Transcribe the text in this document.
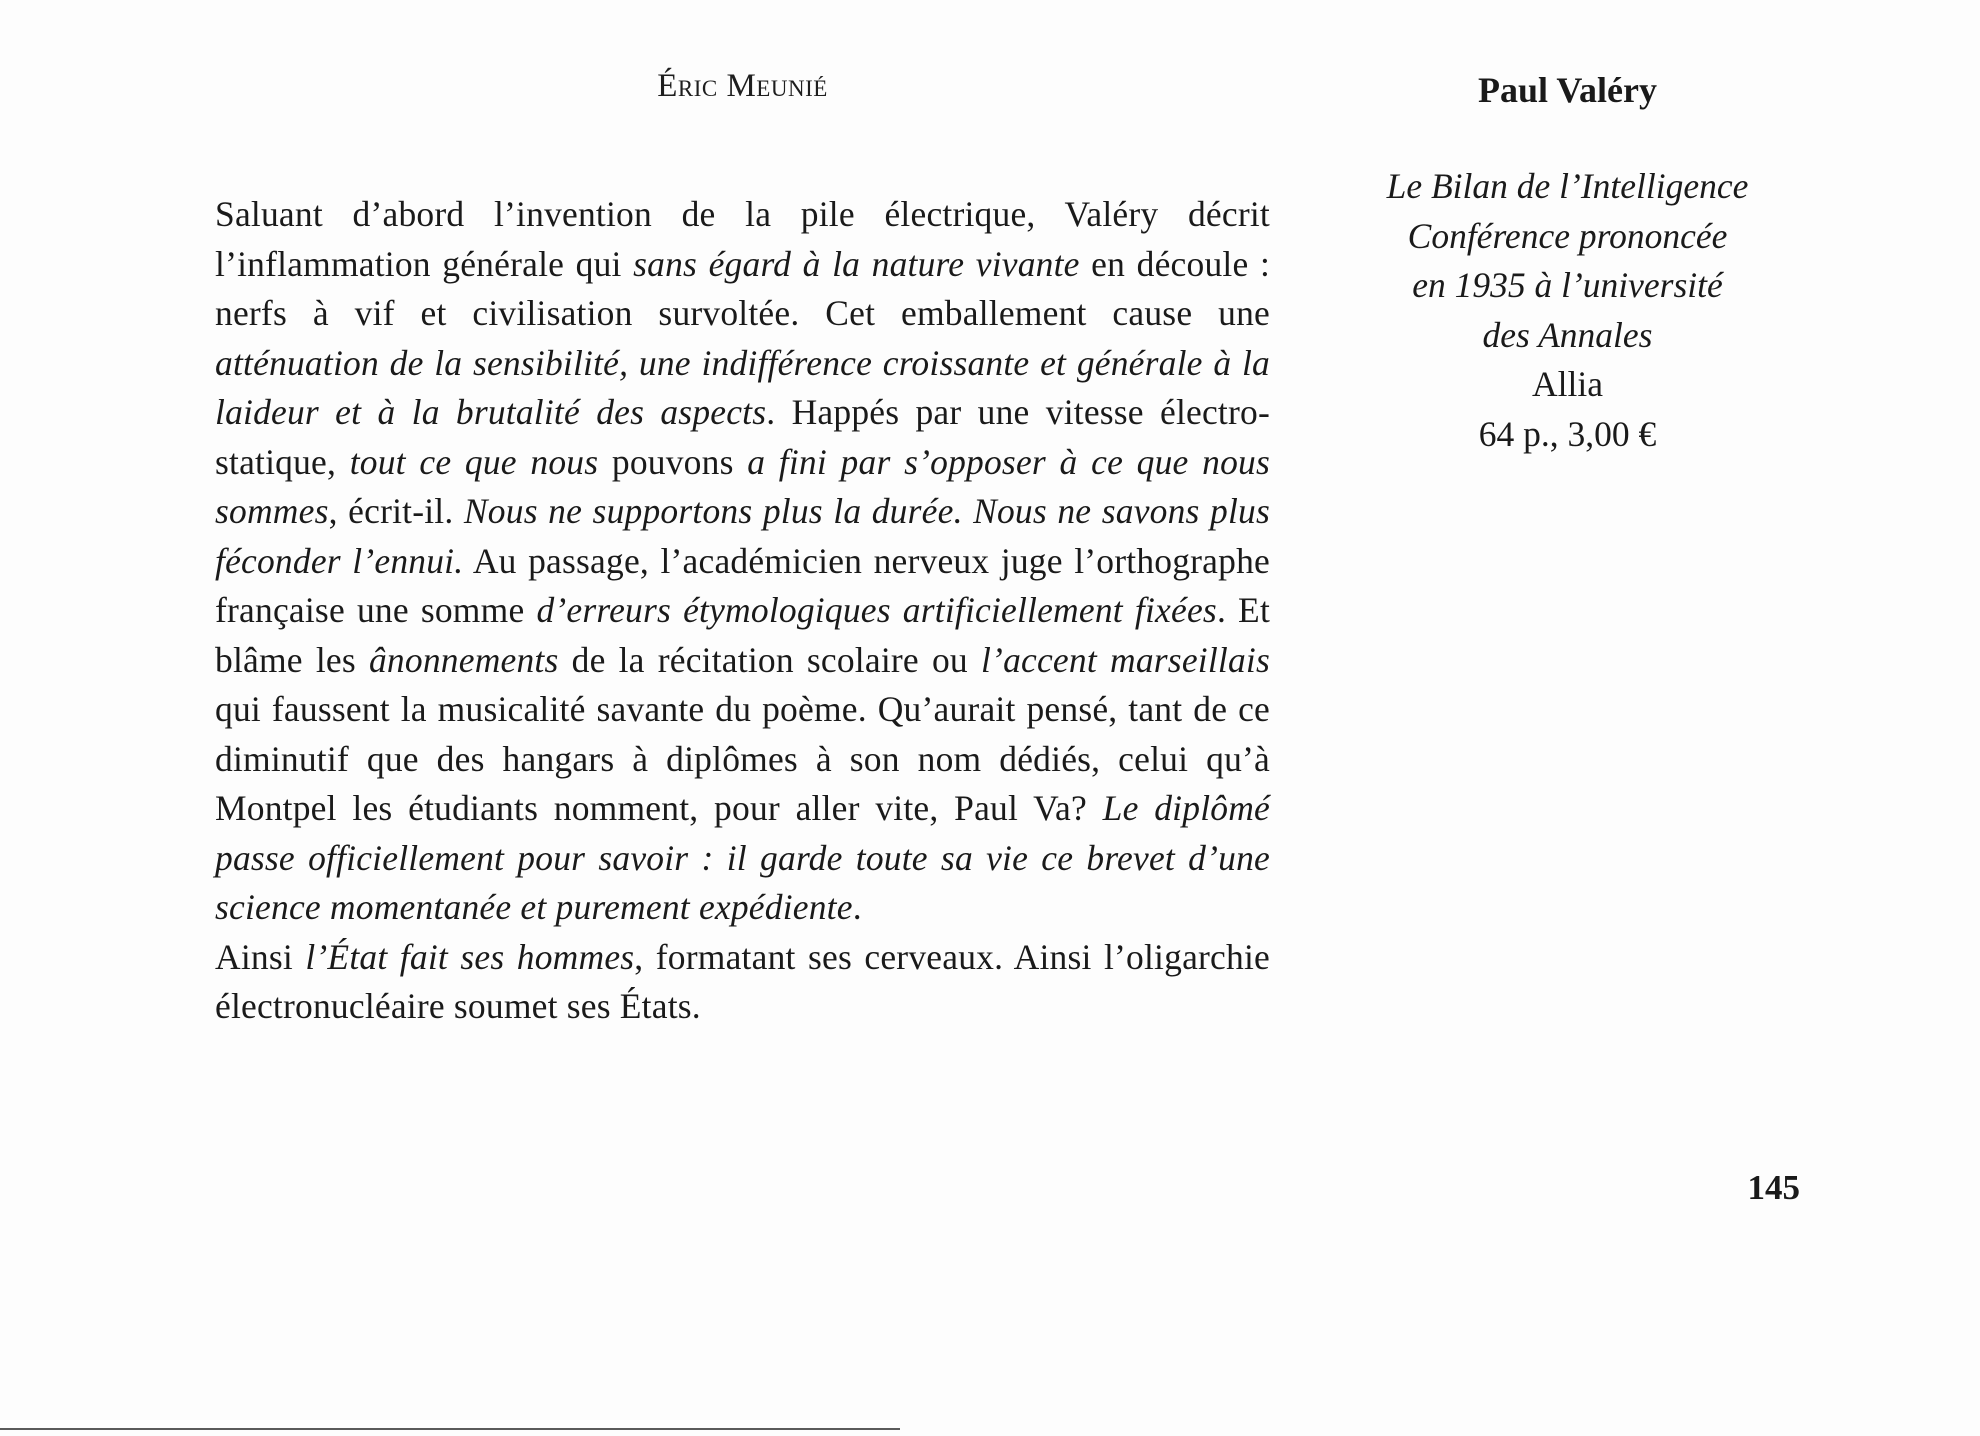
Éric Meunié

Saluant d’abord l’invention de la pile électrique, Valéry décrit l’inflammation générale qui sans égard à la nature vivante en découle : nerfs à vif et civilisation survoltée. Cet emballement cause une atténuation de la sensibilité, une indifférence croissante et générale à la laideur et à la brutalité des aspects. Happés par une vitesse électro-statique, tout ce que nous pouvons a fini par s’opposer à ce que nous sommes, écrit-il. Nous ne supportons plus la durée. Nous ne savons plus féconder l’ennui. Au passage, l’académicien nerveux juge l’orthographe française une somme d’erreurs étymologiques artificiellement fixées. Et blâme les ânonnements de la récitation scolaire ou l’accent marseillais qui faussent la musicalité savante du poème. Qu’aurait pensé, tant de ce diminutif que des hangars à diplômes à son nom dédiés, celui qu’à Montpel les étudiants nomment, pour aller vite, Paul Va? Le diplômé passe officiellement pour savoir : il garde toute sa vie ce brevet d’une science momentanée et purement expédiente.

Ainsi l’État fait ses hommes, formatant ses cerveaux. Ainsi l’oligarchie électronucléaire soumet ses États.

Paul Valéry
Le Bilan de l’Intelligence
Conférence prononcée
en 1935 à l’université
des Annales
Allia
64 p., 3,00 €
145
